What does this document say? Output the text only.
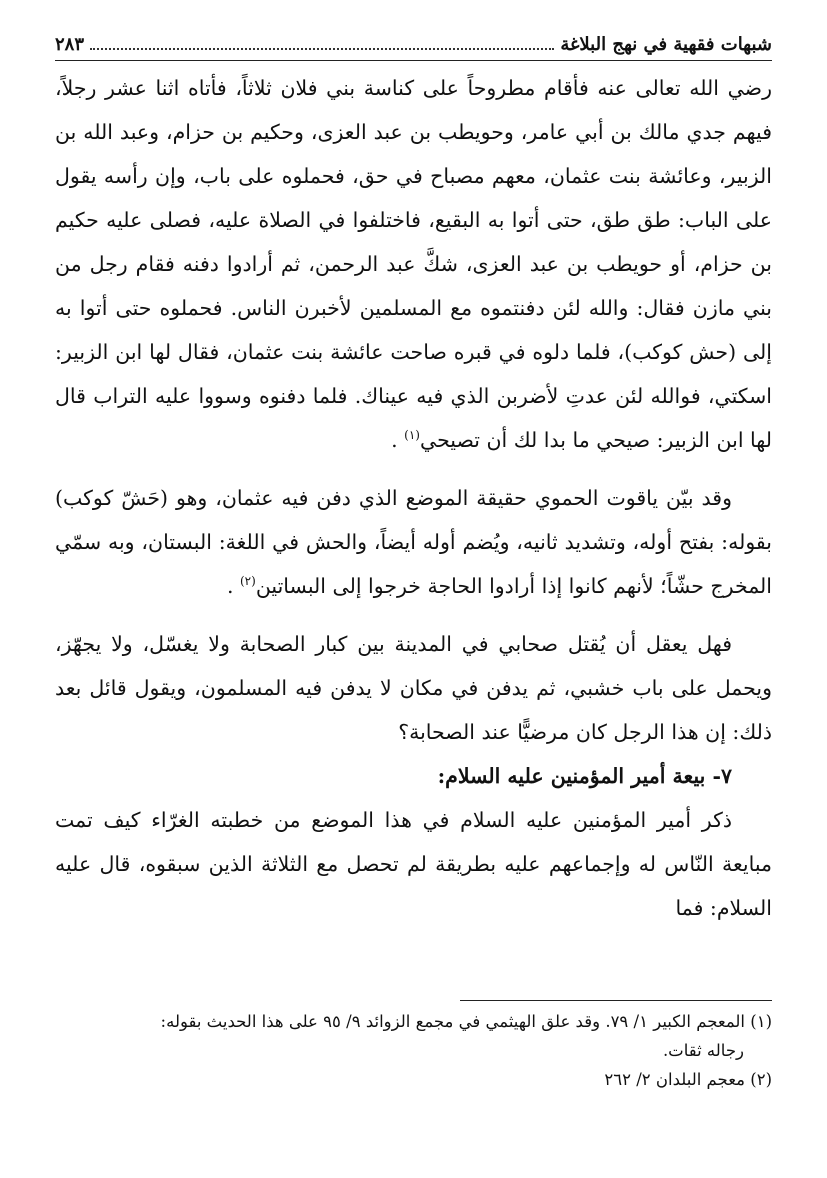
شبهات فقهية في نهج البلاغة
٢٨٣

رضي الله تعالى عنه فأقام مطروحاً على كناسة بني فلان ثلاثاً، فأتاه اثنا عشر رجلاً، فيهم جدي مالك بن أبي عامر، وحويطب بن عبد العزى، وحكيم بن حزام، وعبد الله بن الزبير، وعائشة بنت عثمان، معهم مصباح في حق، فحملوه على باب، وإن رأسه يقول على الباب: طق طق، حتى أتوا به البقيع، فاختلفوا في الصلاة عليه، فصلى عليه حكيم بن حزام، أو حويطب بن عبد العزى، شكَّ عبد الرحمن، ثم أرادوا دفنه فقام رجل من بني مازن فقال: والله لئن دفنتموه مع المسلمين لأخبرن الناس. فحملوه حتى أتوا به إلى (حش كوكب)، فلما دلوه في قبره صاحت عائشة بنت عثمان، فقال لها ابن الزبير: اسكتي، فوالله لئن عدتِ لأضربن الذي فيه عيناك. فلما دفنوه وسووا عليه التراب قال لها ابن الزبير: صيحي ما بدا لك أن تصيحي$^{(١)}$ .

وقد بيّن ياقوت الحموي حقيقة الموضع الذي دفن فيه عثمان، وهو (حَشّ كوكب) بقوله: بفتح أوله، وتشديد ثانيه، ويُضم أوله أيضاً، والحش في اللغة: البستان، وبه سمّي المخرج حشّاً؛ لأنهم كانوا إذا أرادوا الحاجة خرجوا إلى البساتين$^{(٢)}$ .

فهل يعقل أن يُقتل صحابي في المدينة بين كبار الصحابة ولا يغسّل، ولا يجهّز، ويحمل على باب خشبي، ثم يدفن في مكان لا يدفن فيه المسلمون، ويقول قائل بعد ذلك: إن هذا الرجل كان مرضيًّا عند الصحابة؟

٧- بيعة أمير المؤمنين عليه السلام:

ذكر أمير المؤمنين عليه السلام في هذا الموضع من خطبته الغرّاء كيف تمت مبايعة النّاس له وإجماعهم عليه بطريقة لم تحصل مع الثلاثة الذين سبقوه، قال عليه السلام: فما

(١) المعجم الكبير ١/ ٧٩. وقد علق الهيثمي في مجمع الزوائد ٩/ ٩٥ على هذا الحديث بقوله:

رجاله ثقات.

(٢) معجم البلدان ٢/ ٢٦٢
